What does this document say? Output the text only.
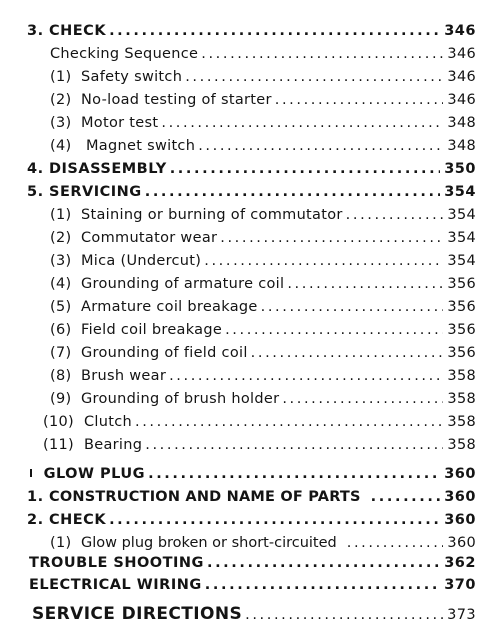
3. CHECK .....	346
Checking Sequence .....	346
(1) Safety switch .....	346
(2) No-load testing of starter .....	346
(3) Motor test .....	348
(4)	Magnet switch .....	348
4. DISASSEMBLY .....	350
5. SERVICING .....	354
(1) Staining or burning of commutator .....	354
(2) Commutator wear .....	354
(3) Mica (Undercut) .....	354
(4) Grounding of armature coil .....	356
(5) Armature coil breakage .....	356
(6) Field coil breakage .....	356
(7) Grounding of field coil .....	356
(8) Brush wear .....	358
(9) Grounding of brush holder .....	358
(10) Clutch .....	358
(11) Bearing .....	358
GLOW PLUG .....	360
1. CONSTRUCTION AND NAME OF PARTS .....	360
2. CHECK .....	360
(1) Glow plug broken or short-circuited .....	360
TROUBLE SHOOTING .....	362
ELECTRICAL WIRING .....	370
SERVICE DIRECTIONS .....	373
